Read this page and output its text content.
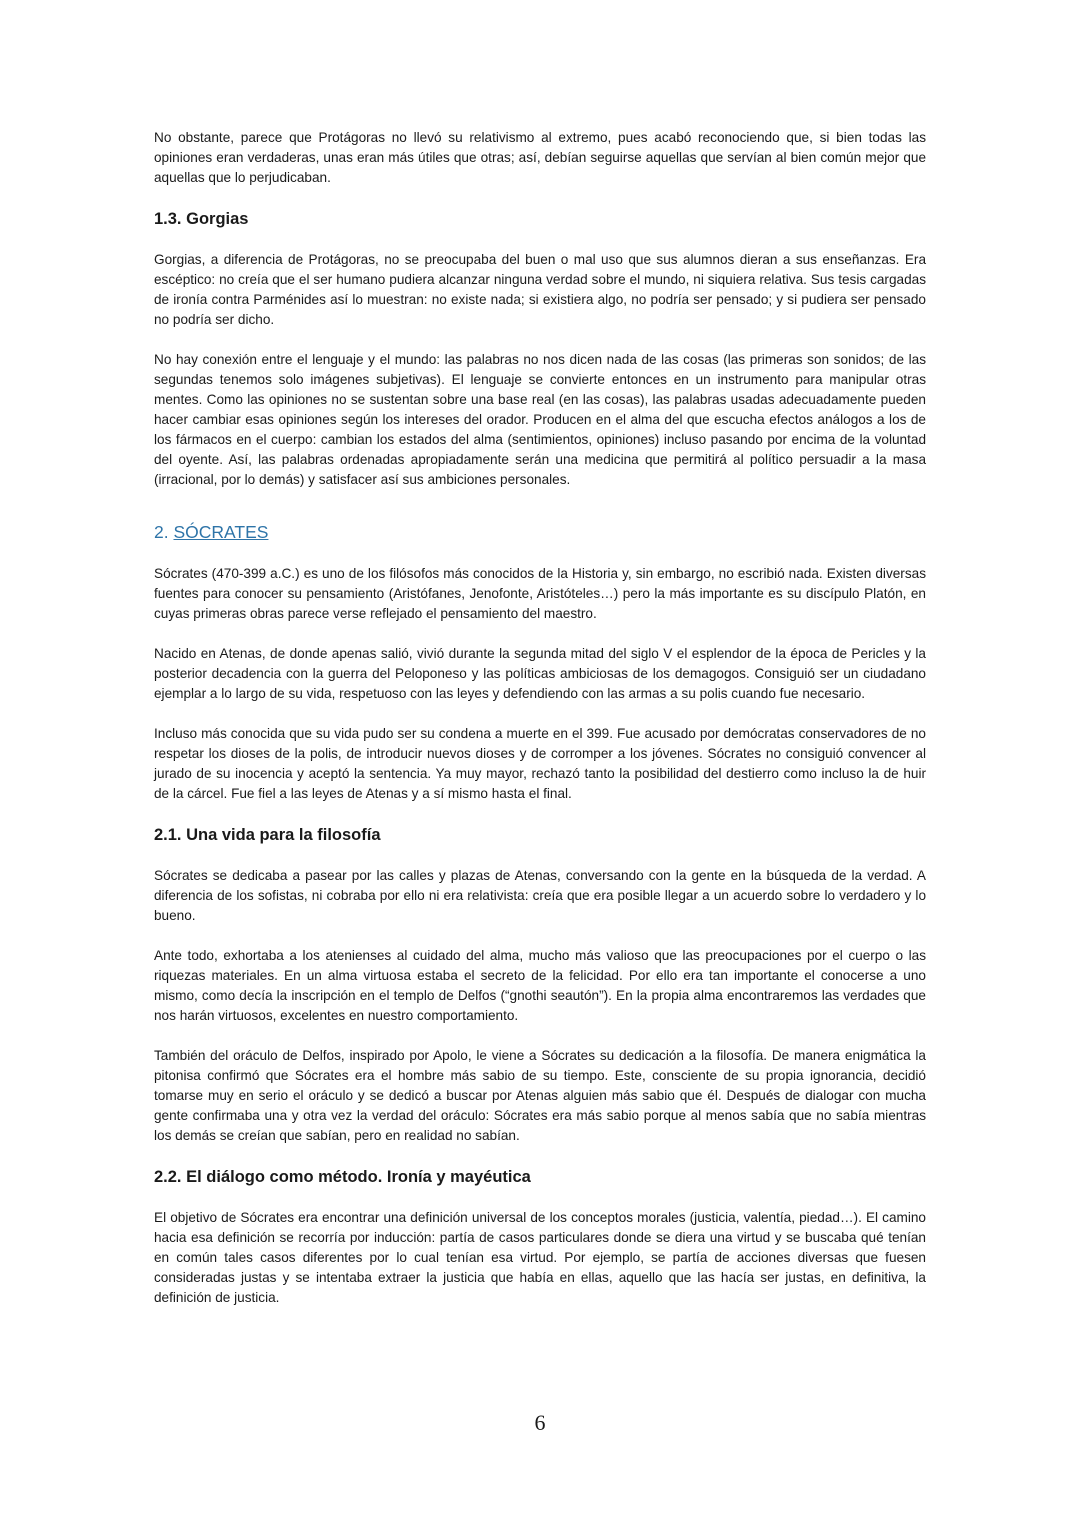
No obstante, parece que Protágoras no llevó su relativismo al extremo, pues acabó reconociendo que, si bien todas las opiniones eran verdaderas, unas eran más útiles que otras; así, debían seguirse aquellas que servían al bien común mejor que aquellas que lo perjudicaban.

1.3. Gorgias

Gorgias, a diferencia de Protágoras, no se preocupaba del buen o mal uso que sus alumnos dieran a sus enseñanzas. Era escéptico: no creía que el ser humano pudiera alcanzar ninguna verdad sobre el mundo, ni siquiera relativa. Sus tesis cargadas de ironía contra Parménides así lo muestran: no existe nada; si existiera algo, no podría ser pensado; y si pudiera ser pensado no podría ser dicho.

No hay conexión entre el lenguaje y el mundo: las palabras no nos dicen nada de las cosas (las primeras son sonidos; de las segundas tenemos solo imágenes subjetivas). El lenguaje se convierte entonces en un instrumento para manipular otras mentes. Como las opiniones no se sustentan sobre una base real (en las cosas), las palabras usadas adecuadamente pueden hacer cambiar esas opiniones según los intereses del orador. Producen en el alma del que escucha efectos análogos a los de los fármacos en el cuerpo: cambian los estados del alma (sentimientos, opiniones) incluso pasando por encima de la voluntad del oyente. Así, las palabras ordenadas apropiadamente serán una medicina que permitirá al político persuadir a la masa (irracional, por lo demás) y satisfacer así sus ambiciones personales.

2. SÓCRATES

Sócrates (470-399 a.C.) es uno de los filósofos más conocidos de la Historia y, sin embargo, no escribió nada. Existen diversas fuentes para conocer su pensamiento (Aristófanes, Jenofonte, Aristóteles…) pero la más importante es su discípulo Platón, en cuyas primeras obras parece verse reflejado el pensamiento del maestro.

Nacido en Atenas, de donde apenas salió, vivió durante la segunda mitad del siglo V el esplendor de la época de Pericles y la posterior decadencia con la guerra del Peloponeso y las políticas ambiciosas de los demagogos. Consiguió ser un ciudadano ejemplar a lo largo de su vida, respetuoso con las leyes y defendiendo con las armas a su polis cuando fue necesario.

Incluso más conocida que su vida pudo ser su condena a muerte en el 399. Fue acusado por demócratas conservadores de no respetar los dioses de la polis, de introducir nuevos dioses y de corromper a los jóvenes. Sócrates no consiguió convencer al jurado de su inocencia y aceptó la sentencia. Ya muy mayor, rechazó tanto la posibilidad del destierro como incluso la de huir de la cárcel. Fue fiel a las leyes de Atenas y a sí mismo hasta el final.

2.1. Una vida para la filosofía

Sócrates se dedicaba a pasear por las calles y plazas de Atenas, conversando con la gente en la búsqueda de la verdad. A diferencia de los sofistas, ni cobraba por ello ni era relativista: creía que era posible llegar a un acuerdo sobre lo verdadero y lo bueno.

Ante todo, exhortaba a los atenienses al cuidado del alma, mucho más valioso que las preocupaciones por el cuerpo o las riquezas materiales. En un alma virtuosa estaba el secreto de la felicidad. Por ello era tan importante el conocerse a uno mismo, como decía la inscripción en el templo de Delfos (“gnothi seautón”). En la propia alma encontraremos las verdades que nos harán virtuosos, excelentes en nuestro comportamiento.

También del oráculo de Delfos, inspirado por Apolo, le viene a Sócrates su dedicación a la filosofía. De manera enigmática la pitonisa confirmó que Sócrates era el hombre más sabio de su tiempo. Este, consciente de su propia ignorancia, decidió tomarse muy en serio el oráculo y se dedicó a buscar por Atenas alguien más sabio que él. Después de dialogar con mucha gente confirmaba una y otra vez la verdad del oráculo: Sócrates era más sabio porque al menos sabía que no sabía mientras los demás se creían que sabían, pero en realidad no sabían.

2.2. El diálogo como método. Ironía y mayéutica

El objetivo de Sócrates era encontrar una definición universal de los conceptos morales (justicia, valentía, piedad…). El camino hacia esa definición se recorría por inducción: partía de casos particulares donde se diera una virtud y se buscaba qué tenían en común tales casos diferentes por lo cual tenían esa virtud. Por ejemplo, se partía de acciones diversas que fuesen consideradas justas y se intentaba extraer la justicia que había en ellas, aquello que las hacía ser justas, en definitiva, la definición de justicia.

6
